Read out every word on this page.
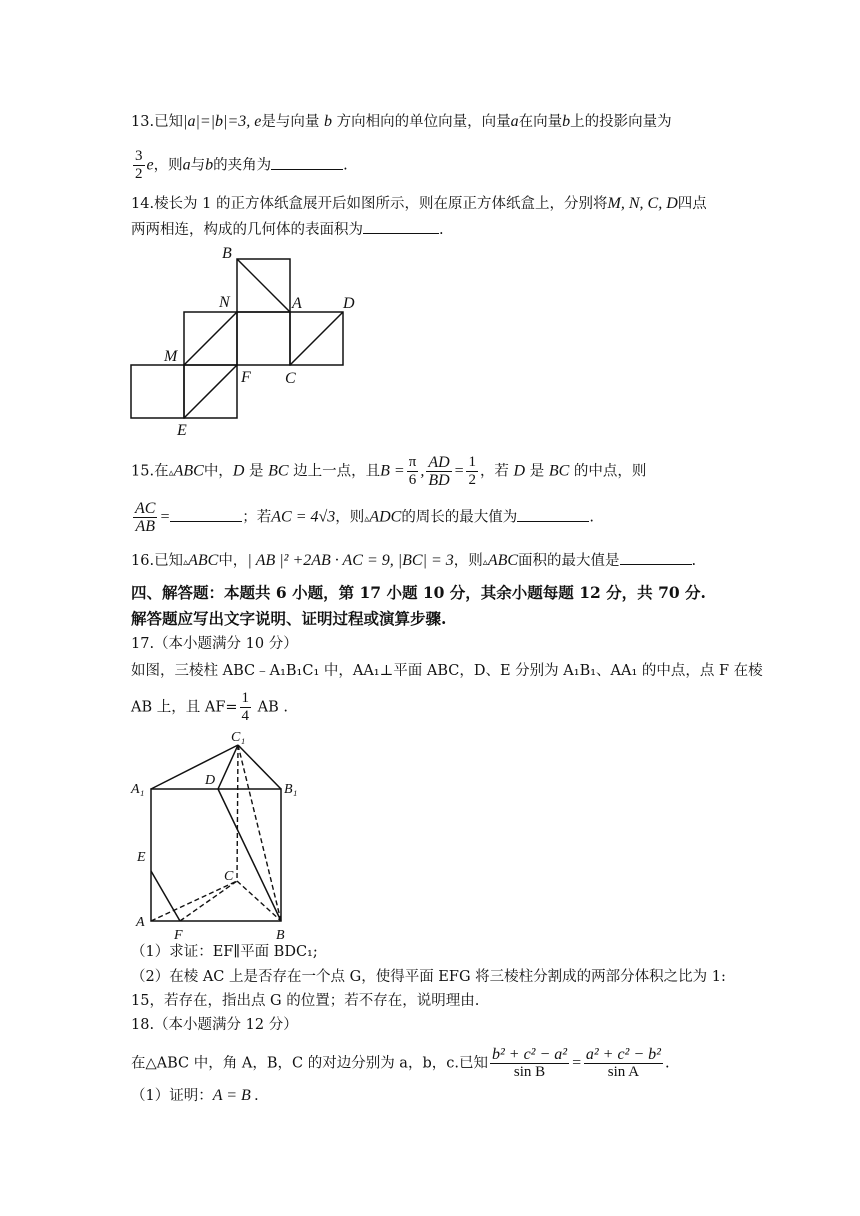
13.已知|a|=|b|=3, e是与向量 b 方向相向的单位向量，向量a在向量b上的投影向量为
$\frac{3}{2}$ e，则a与b的夹角为	.
14.棱长为 1 的正方体纸盒展开后如图所示，则在原正方体纸盒上，分别将M, N, C, D四点
两两相连，构成的几何体的表面积为	.
B
N	A	D
M
F C
E
15.在▵ABC中，D 是 BC 边上一点，且$B = \frac{\pi}{6}$ , $\frac{AD}{BD} = \frac{1}{2}$ ，若 D 是 BC 的中点，则
$\frac{AC}{AB}$ =	；若AC = 4√3，则▵ADC的周长的最大值为	.
16.已知▵ABC中，| AB |² +2AB · AC = 9, |BC| = 3，则▵ABC面积的最大值是	.
四、解答题：本题共 6 小题，第 17 小题 10 分，其余小题每题 12 分，共 70 分.
解答题应写出文字说明、证明过程或演算步骤.
17.（本小题满分 10 分）
如图，三棱柱 ABC﹣A₁B₁C₁ 中，AA₁⊥平面 ABC，D、E 分别为 A₁B₁、AA₁ 的中点，点 F 在棱
AB 上，且 $AF= \frac{1}{4}$ AB .
C₁
A₁
D
B₁
E
C
A
F	B
（1）求证：EF∥平面 BDC₁;
（2）在棱 AC 上是否存在一个点 G，使得平面 EFG 将三棱柱分割成的两部分体积之比为 1:
15，若存在，指出点 G 的位置；若不存在，说明理由.
18.（本小题满分 12 分）
在△ABC 中，角 A，B，C 的对边分别为 a，b，c.已知 $\frac{\text{b² + c² − a²}}{\text{sin B}} = \frac{\text{a² + c² − b²}}{\text{sin A}}$ .
（1）证明：A = B .
